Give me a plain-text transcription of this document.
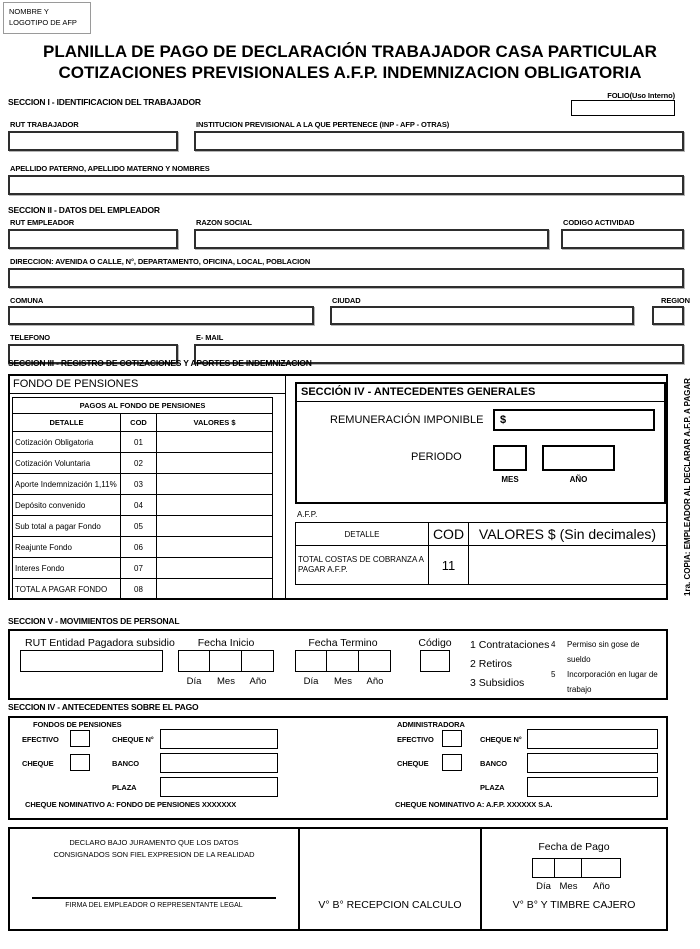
NOMBRE Y
LOGOTIPO DE AFP
PLANILLA DE PAGO DE DECLARACIÓN TRABAJADOR CASA PARTICULAR
COTIZACIONES PREVISIONALES A.F.P. INDEMNIZACION OBLIGATORIA
FOLIO(Uso Interno)
SECCION I - IDENTIFICACION DEL TRABAJADOR
RUT TRABAJADOR	INSTITUCION PREVISIONAL A LA QUE PERTENECE (INP - AFP - OTRAS)
APELLIDO PATERNO, APELLIDO MATERNO Y NOMBRES
SECCION II - DATOS DEL EMPLEADOR
RUT EMPLEADOR	RAZON SOCIAL	CODIGO ACTIVIDAD
DIRECCION: AVENIDA O CALLE, N°, DEPARTAMENTO, OFICINA, LOCAL, POBLACION
COMUNA	CIUDAD	REGION
TELEFONO	E- MAIL
SECCION III - REGISTRO DE COTIZACIONES Y APORTES DE INDEMNIZACION
FONDO DE PENSIONES
PAGOS AL FONDO DE PENSIONES		
DETALLE	COD	VALORES $
Cotización Obligatoria	01	
Cotización Voluntaria	02	
Aporte Indemnización 1,11%	03	
Depósito convenido	04	
Sub total a pagar Fondo	05	
Reajunte Fondo	06	
Interes Fondo	07	
TOTAL A PAGAR FONDO	08	
SECCIÓN IV - ANTECEDENTES GENERALES
REMUNERACIÓN IMPONIBLE $
PERIODO
MES	AÑO
A.F.P.
DETALLE	COD	VALORES $ (Sin decimales)
TOTAL COSTAS DE COBRANZA A PAGAR A.F.P.	11		1ra. COPIA: EMPLEADOR AL DECLARAR A.F.P. A PAGAR
SECCION V - MOVIMIENTOS DE PERSONAL
RUT Entidad Pagadora subsidio	Fecha Inicio
Día	Mes	Año
Fecha Termino
Día	Mes	Año
Código	1 Contrataciones
2 Retiros
3 Subsidios
4	Permiso sin gose de sueldo
5	Incorporación en lugar de trabajo
SECCION IV - ANTECEDENTES SOBRE EL PAGO
FONDOS DE PENSIONES
EFECTIVO	CHEQUE N°
CHEQUE	BANCO
PLAZA
CHEQUE NOMINATIVO A: FONDO DE PENSIONES XXXXXXX
ADMINISTRADORA
EFECTIVO	CHEQUE N°
CHEQUE	BANCO
PLAZA
CHEQUE NOMINATIVO A: A.F.P. XXXXXX S.A.
DECLARO BAJO JURAMENTO QUE LOS DATOS
CONSIGNADOS SON FIEL EXPRESION DE LA REALIDAD
FIRMA DEL EMPLEADOR O REPRESENTANTE LEGAL	V° B° RECEPCION CALCULO
Fecha de Pago
Día Mes	Año
V° B° Y TIMBRE CAJERO
